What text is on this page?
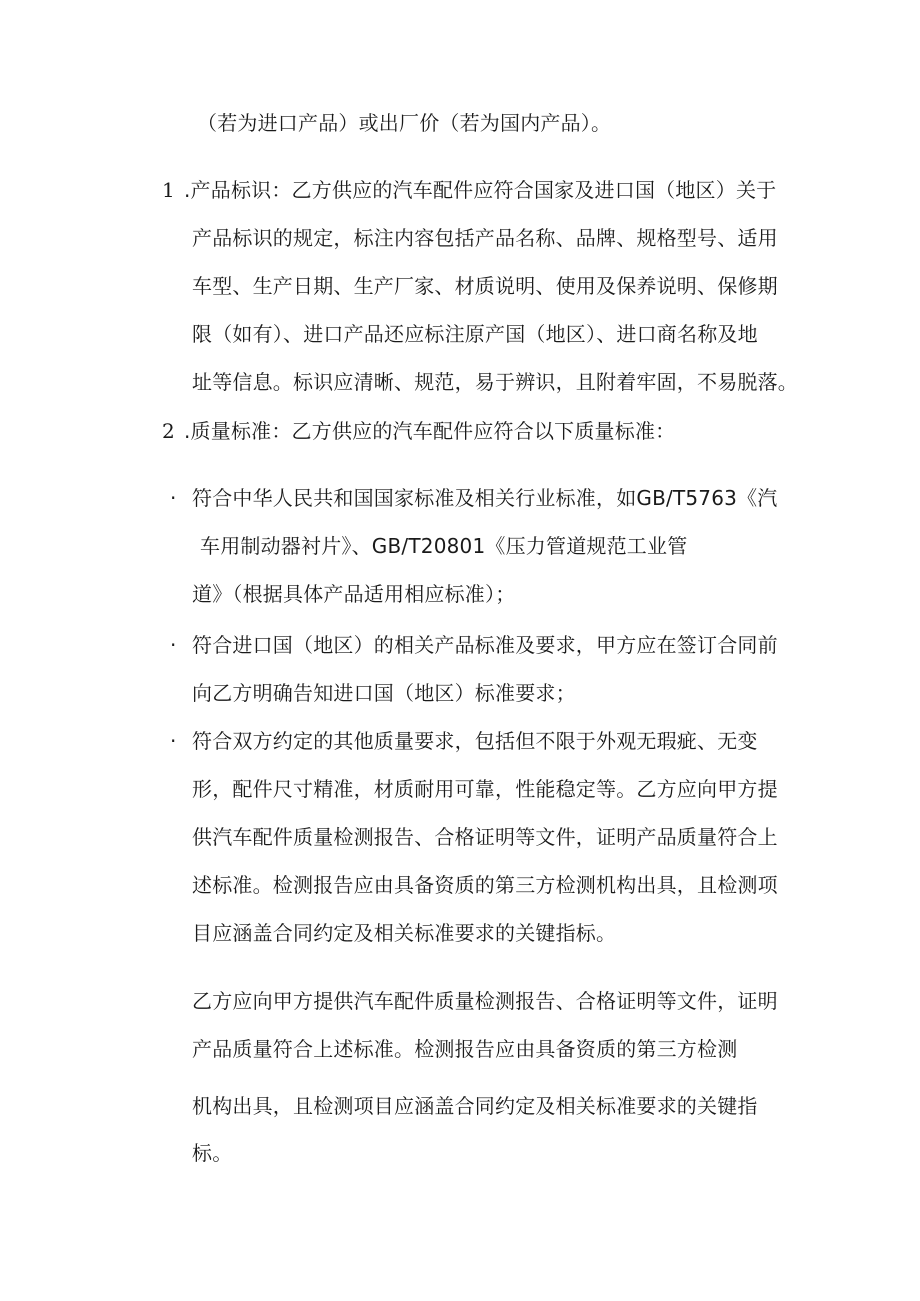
（若为进口产品）或出厂价（若为国内产品）。
1 .产品标识：乙方供应的汽车配件应符合国家及进口国（地区）关于
产品标识的规定，标注内容包括产品名称、品牌、规格型号、适用
车型、生产日期、生产厂家、材质说明、使用及保养说明、保修期
限（如有）、进口产品还应标注原产国（地区）、进口商名称及地
址等信息。标识应清晰、规范，易于辨识，且附着牢固，不易脱落。
2 .质量标准：乙方供应的汽车配件应符合以下质量标准：
· 符合中华人民共和国国家标准及相关行业标准，如GB/T5763《汽
车用制动器衬片》、GB/T20801《压力管道规范工业管
道》（根据具体产品适用相应标准）；
· 符合进口国（地区）的相关产品标准及要求，甲方应在签订合同前
向乙方明确告知进口国（地区）标准要求；
· 符合双方约定的其他质量要求，包括但不限于外观无瑕疵、无变
形，配件尺寸精准，材质耐用可靠，性能稳定等。乙方应向甲方提
供汽车配件质量检测报告、合格证明等文件，证明产品质量符合上
述标准。检测报告应由具备资质的第三方检测机构出具，且检测项
目应涵盖合同约定及相关标准要求的关键指标。
乙方应向甲方提供汽车配件质量检测报告、合格证明等文件，证明
产品质量符合上述标准。检测报告应由具备资质的第三方检测
机构出具，且检测项目应涵盖合同约定及相关标准要求的关键指
标。
